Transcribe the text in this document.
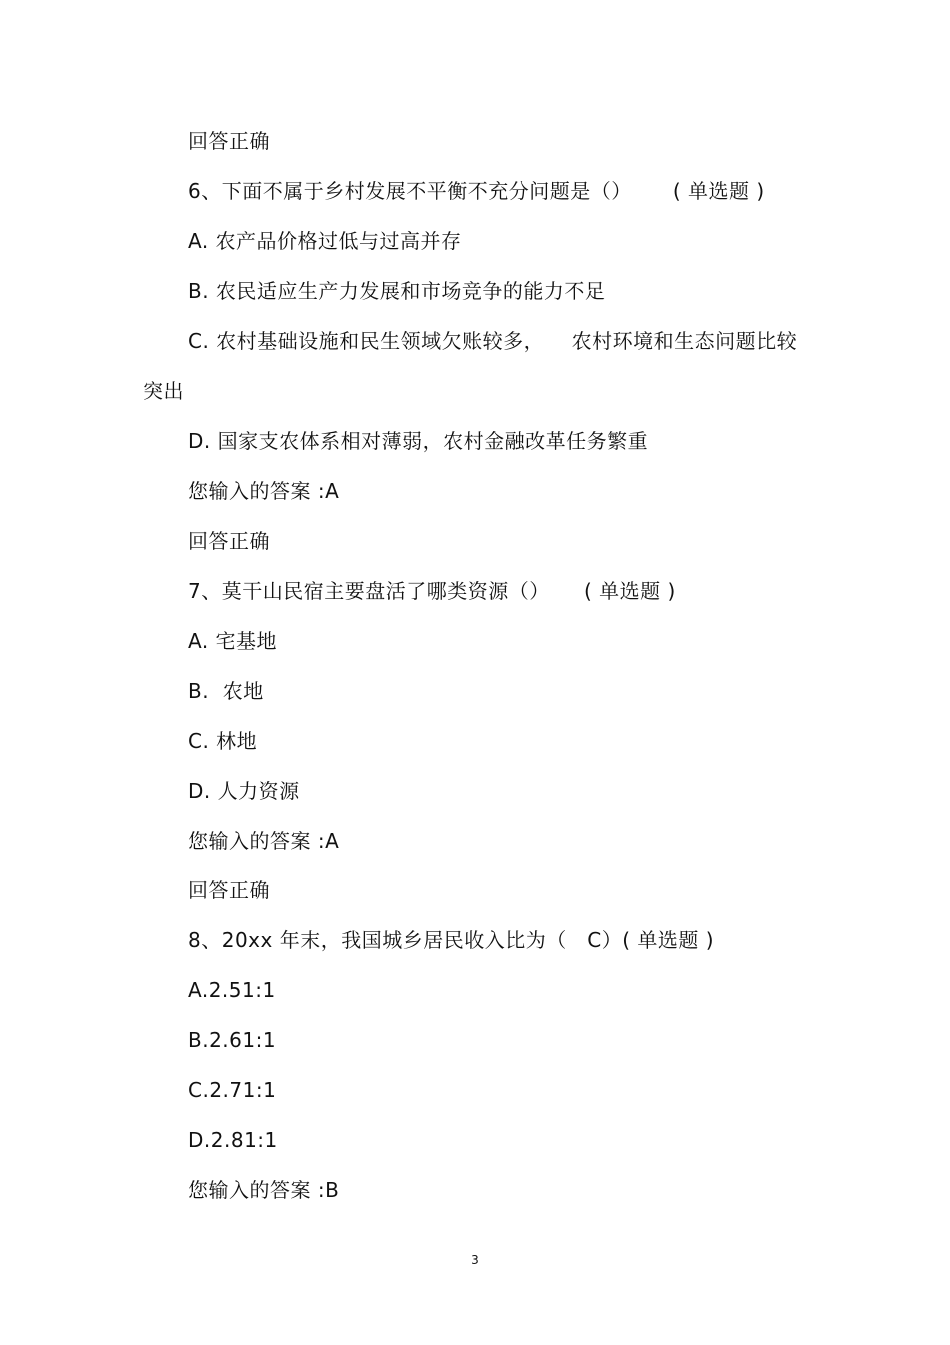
回答正确
6、下面不属于乡村发展不平衡不充分问题是（）      ( 单选题 )
A. 农产品价格过低与过高并存
B. 农民适应生产力发展和市场竞争的能力不足
C. 农村基础设施和民生领域欠账较多，    农村环境和生态问题比较
突出
D. 国家支农体系相对薄弱，农村金融改革任务繁重
您输入的答案 :A
回答正确
7、莫干山民宿主要盘活了哪类资源（）     ( 单选题 )
A. 宅基地
B.  农地
C. 林地
D. 人力资源
您输入的答案 :A
回答正确
8、20xx 年末，我国城乡居民收入比为（   C）( 单选题 )
A.2.51:1
B.2.61:1
C.2.71:1
D.2.81:1
您输入的答案 :B
3
